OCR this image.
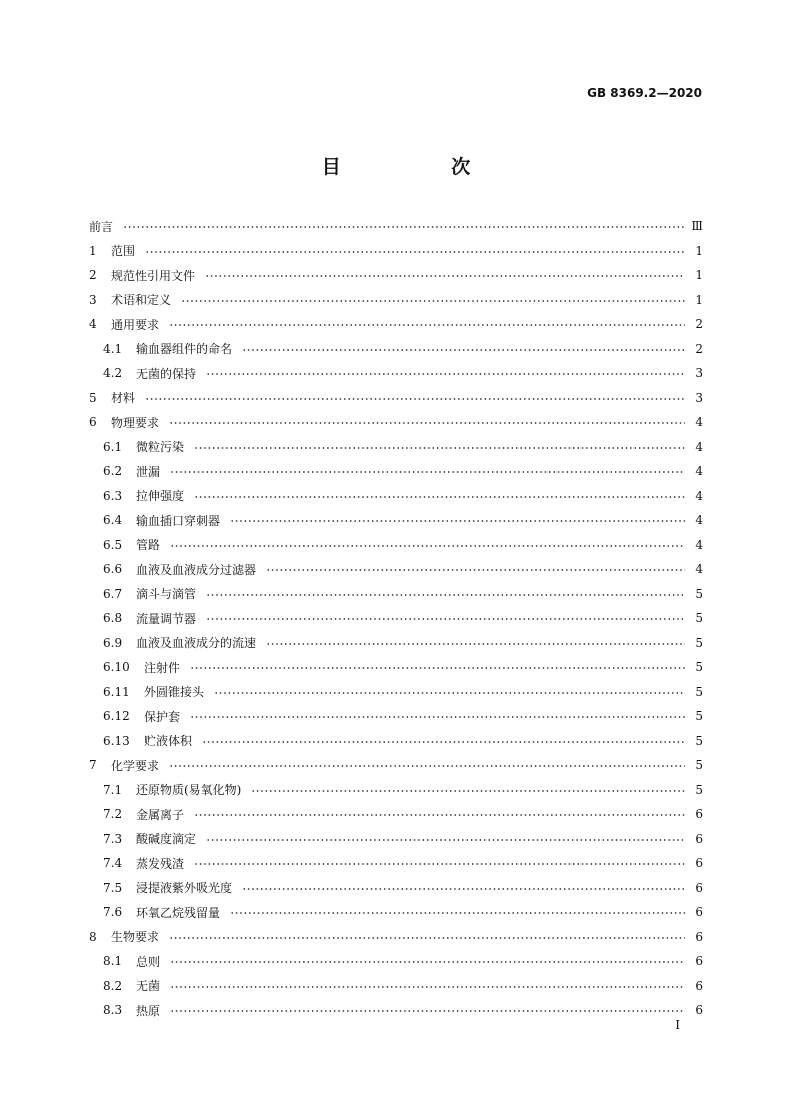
GB 8369.2—2020
目 次
前言	Ⅲ
1	范围	1
2	规范性引用文件	1
3	术语和定义	1
4	通用要求	2
4.1	输血器组件的命名	2
4.2	无菌的保持	3
5	材料	3
6	物理要求	4
6.1	微粒污染	4
6.2	泄漏	4
6.3	拉伸强度	4
6.4	输血插口穿刺器	4
6.5	管路	4
6.6	血液及血液成分过滤器	4
6.7	滴斗与滴管	5
6.8	流量调节器	5
6.9	血液及血液成分的流速	5
6.10	注射件	5
6.11	外圆锥接头	5
6.12	保护套	5
6.13	贮液体积	5
7	化学要求	5
7.1	还原物质(易氧化物)	5
7.2	金属离子	6
7.3	酸碱度滴定	6
7.4	蒸发残渣	6
7.5	浸提液紫外吸光度	6
7.6	环氧乙烷残留量	6
8	生物要求	6
8.1	总则	6
8.2	无菌	6
8.3	热原	6
I
